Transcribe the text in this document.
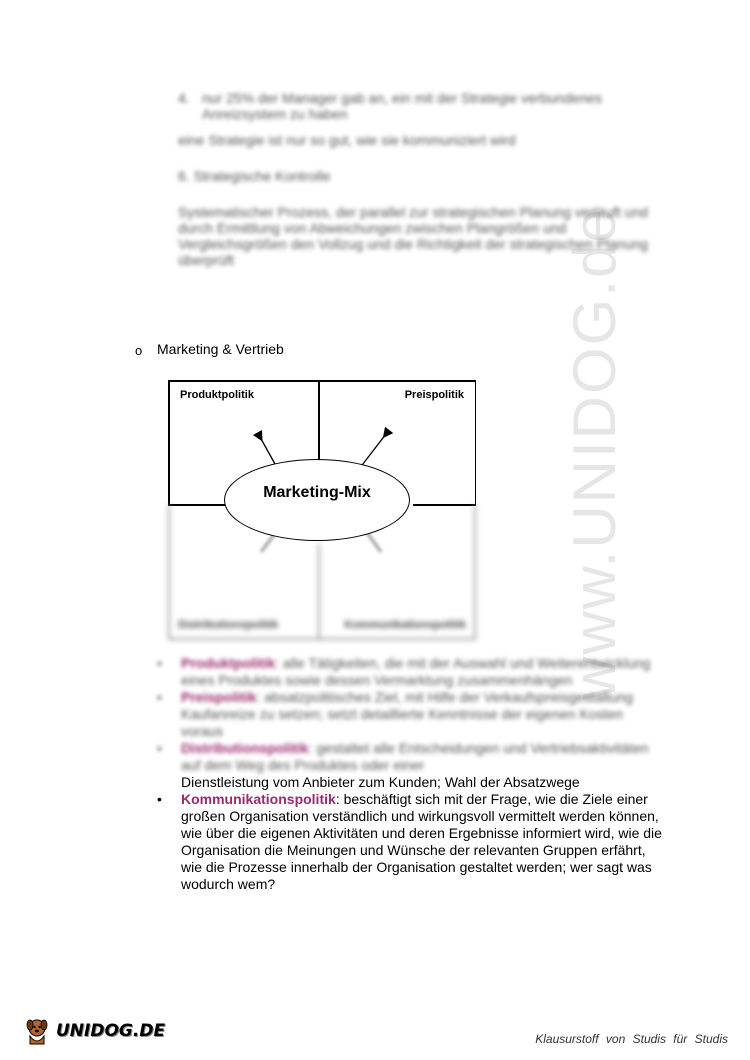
www.UNIDOG.de
4. nur 25% der Manager gab an, ein mit der Strategie verbundenes Anreizsystem zu haben
eine Strategie ist nur so gut, wie sie kommuniziert wird
6. Strategische Kontrolle
Systematischer Prozess, der parallel zur strategischen Planung verläuft und durch Ermittlung von Abweichungen zwischen Plangrößen und Vergleichsgrößen den Vollzug und die Richtigkeit der strategischen Planung überprüft
o Marketing & Vertrieb
Distributionspolitik	Kommunikationspolitik
Produktpolitik	Preispolitik
Marketing-Mix
• Produktpolitik: alle Tätigkeiten, die mit der Auswahl und Weiterentwicklung eines Produktes sowie dessen Vermarktung zusammenhängen
• Preispolitik: absatzpolitisches Ziel, mit Hilfe der Verkaufspreisgestaltung Kaufanreize zu setzen; setzt detaillierte Kenntnisse der eigenen Kosten voraus
• Distributionspolitik: gestaltet alle Entscheidungen und Vertriebsaktivitäten auf dem Weg des Produktes oder einer
Dienstleistung vom Anbieter zum Kunden; Wahl der Absatzwege
• Kommunikationspolitik: beschäftigt sich mit der Frage, wie die Ziele einer großen Organisation verständlich und wirkungsvoll vermittelt werden können, wie über die eigenen Aktivitäten und deren Ergebnisse informiert wird, wie die Organisation die Meinungen und Wünsche der relevanten Gruppen erfährt, wie die Prozesse innerhalb der Organisation gestaltet werden; wer sagt was wodurch wem?
UNIDOG.DE	Klausurstoff von Studis für Studis
